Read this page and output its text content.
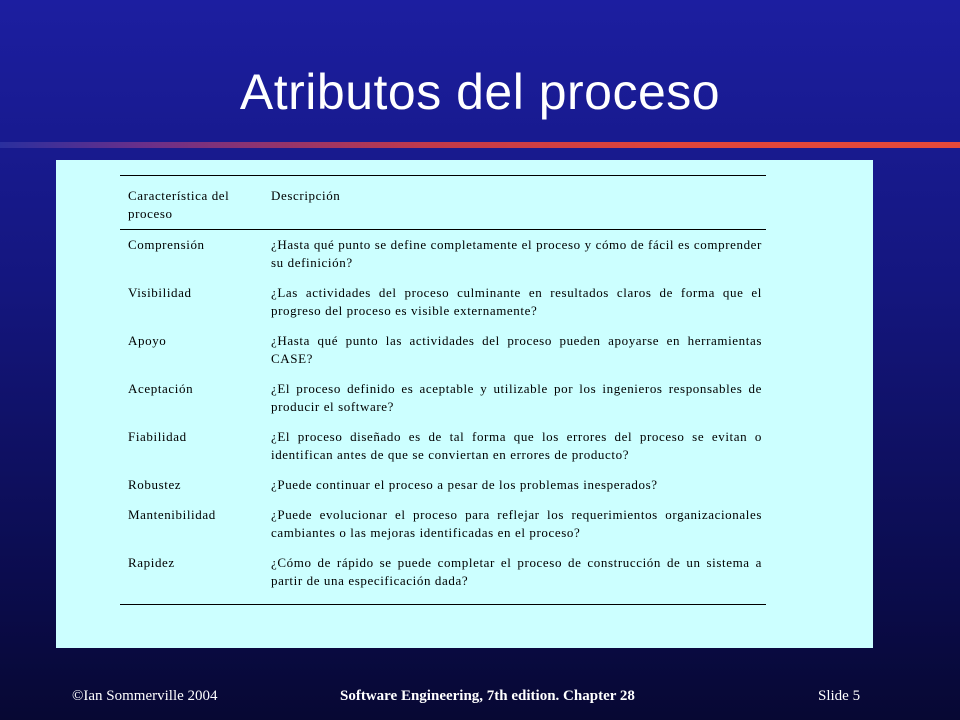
Atributos del proceso
Característica del proceso	Descripción
Comprensión	¿Hasta qué punto se define completamente el proceso y cómo de fácil es comprender su definición?
Visibilidad	¿Las actividades del proceso culminante en resultados claros de forma que el progreso del proceso es visible externamente?
Apoyo	¿Hasta qué punto las actividades del proceso pueden apoyarse en herramientas CASE?
Aceptación	¿El proceso definido es aceptable y utilizable por los ingenieros responsables de producir el software?
Fiabilidad	¿El proceso diseñado es de tal forma que los errores del proceso se evitan o identifican antes de que se conviertan en errores de producto?
Robustez	¿Puede continuar el proceso a pesar de los problemas inesperados?
Mantenibilidad	¿Puede evolucionar el proceso para reflejar los requerimientos organizacionales cambiantes o las mejoras identificadas en el proceso?
Rapidez	¿Cómo de rápido se puede completar el proceso de construcción de un sistema a partir de una especificación dada?
©Ian Sommerville 2004	Software Engineering, 7th edition. Chapter 28	Slide 5
